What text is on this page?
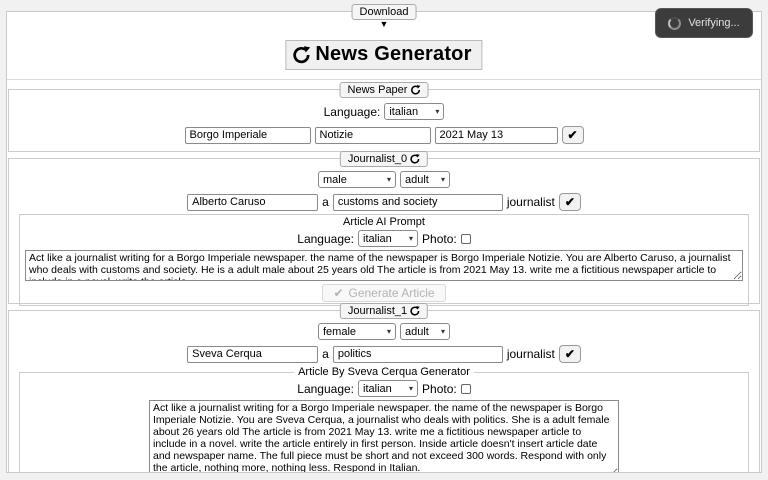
Download
▼	Verifying...
News Generator
News Paper
Language: italian ▾
Borgo Imperiale
Notizie
2021 May 13
✔
Journalist_0
male	▾ adult ▾
Alberto Caruso
a
customs and society	journalist ✔
Article AI Prompt
Language: italian ▾ Photo:
Act like a journalist writing for a Borgo Imperiale newspaper. the name of the newspaper is Borgo Imperiale Notizie. You are Alberto Caruso, a journalist who deals with customs and society. He is a adult male about 25 years old The article is from 2021 May 13. write me a fictitious newspaper article to include in a novel. write the article
✔ Generate Article
Journalist_1
female	▾ adult ▾
Sveva Cerqua
a
politics	journalist ✔
Article By Sveva Cerqua Generator
Language: italian ▾ Photo:
Act like a journalist writing for a Borgo Imperiale newspaper. the name of the newspaper is Borgo Imperiale Notizie. You are Sveva Cerqua, a journalist who deals with politics. She is a adult female about 26 years old The article is from 2021 May 13. write me a fictitious newspaper article to include in a novel. write the article entirely in first person. Inside article doesn't insert article date and newspaper name. The full piece must be short and not exceed 300 words. Respond with only the article, nothing more, nothing less. Respond in Italian.
